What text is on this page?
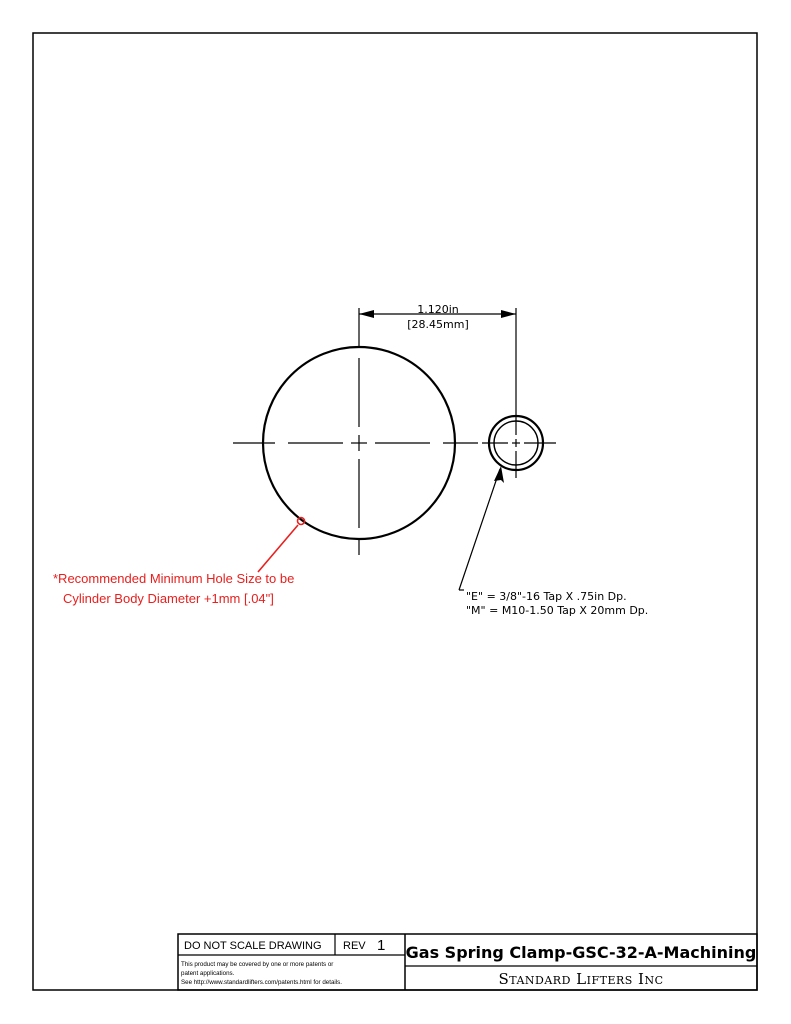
1.120in
[28.45mm]
"E" = 3/8"-16 Tap X .75in Dp.
"M" = M10-1.50 Tap X 20mm Dp.
*Recommended Minimum Hole Size to be
Cylinder Body Diameter +1mm [.04"]
DO NOT SCALE DRAWING REV 1
This product may be covered by one or more patents or
patent applications.
See http://www.standardlifters.com/patents.html for details.
Gas Spring Clamp-GSC-32-A-Machining
Standard Lifters Inc
